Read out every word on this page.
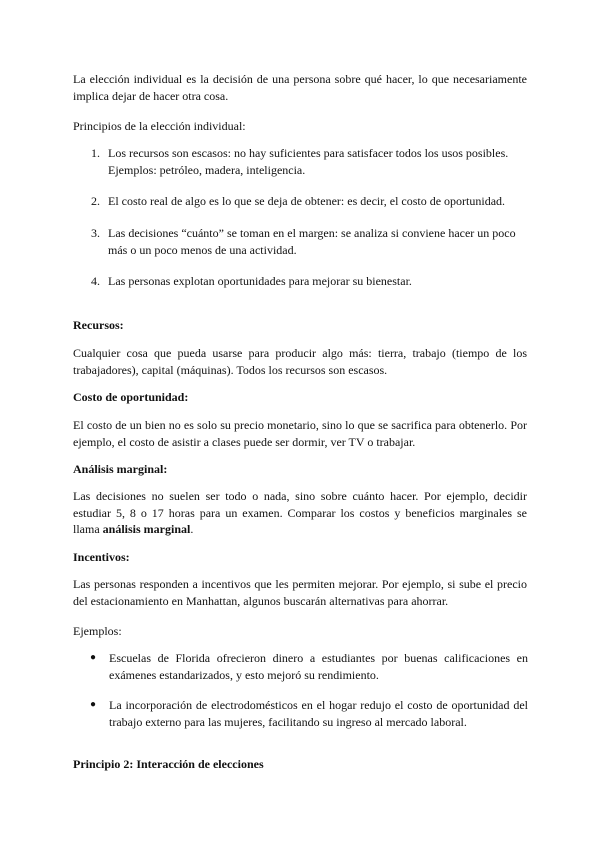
La elección individual es la decisión de una persona sobre qué hacer, lo que necesariamente implica dejar de hacer otra cosa.

Principios de la elección individual:

1. Los recursos son escasos: no hay suficientes para satisfacer todos los usos posibles. Ejemplos: petróleo, madera, inteligencia.

2. El costo real de algo es lo que se deja de obtener: es decir, el costo de oportunidad.

3. Las decisiones “cuánto” se toman en el margen: se analiza si conviene hacer un poco más o un poco menos de una actividad.

4. Las personas explotan oportunidades para mejorar su bienestar.

Recursos:

Cualquier cosa que pueda usarse para producir algo más: tierra, trabajo (tiempo de los trabajadores), capital (máquinas). Todos los recursos son escasos.

Costo de oportunidad:

El costo de un bien no es solo su precio monetario, sino lo que se sacrifica para obtenerlo. Por ejemplo, el costo de asistir a clases puede ser dormir, ver TV o trabajar.

Análisis marginal:

Las decisiones no suelen ser todo o nada, sino sobre cuánto hacer. Por ejemplo, decidir estudiar 5, 8 o 17 horas para un examen. Comparar los costos y beneficios marginales se llama análisis marginal.

Incentivos:

Las personas responden a incentivos que les permiten mejorar. Por ejemplo, si sube el precio del estacionamiento en Manhattan, algunos buscarán alternativas para ahorrar.

Ejemplos:

● Escuelas de Florida ofrecieron dinero a estudiantes por buenas calificaciones en exámenes estandarizados, y esto mejoró su rendimiento.

● La incorporación de electrodomésticos en el hogar redujo el costo de oportunidad del trabajo externo para las mujeres, facilitando su ingreso al mercado laboral.

Principio 2: Interacción de elecciones
